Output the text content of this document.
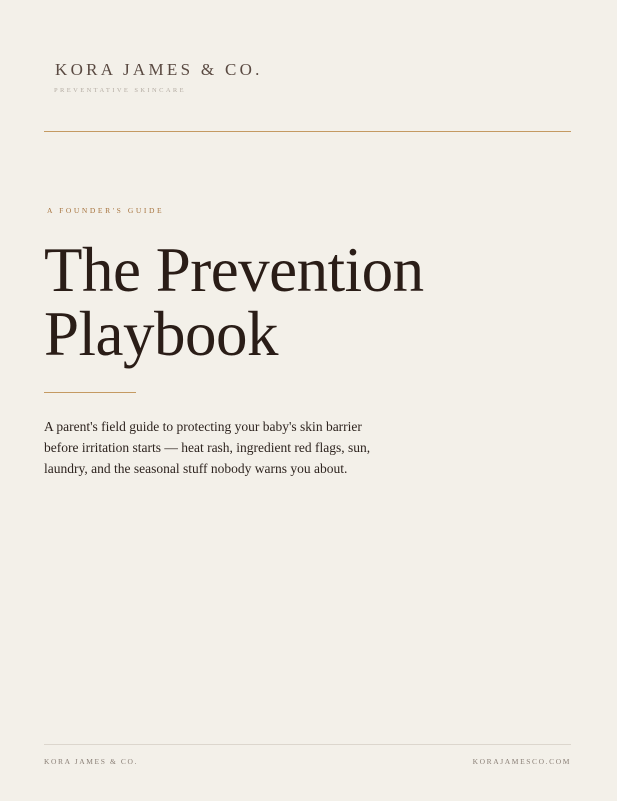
KORA JAMES & CO.
PREVENTATIVE SKINCARE
A FOUNDER'S GUIDE
The Prevention
Playbook

A parent's field guide to protecting your baby's skin barrier before irritation starts — heat rash, ingredient red flags, sun, laundry, and the seasonal stuff nobody warns you about.

KORA JAMES & CO.	KORAJAMESCO.COM
